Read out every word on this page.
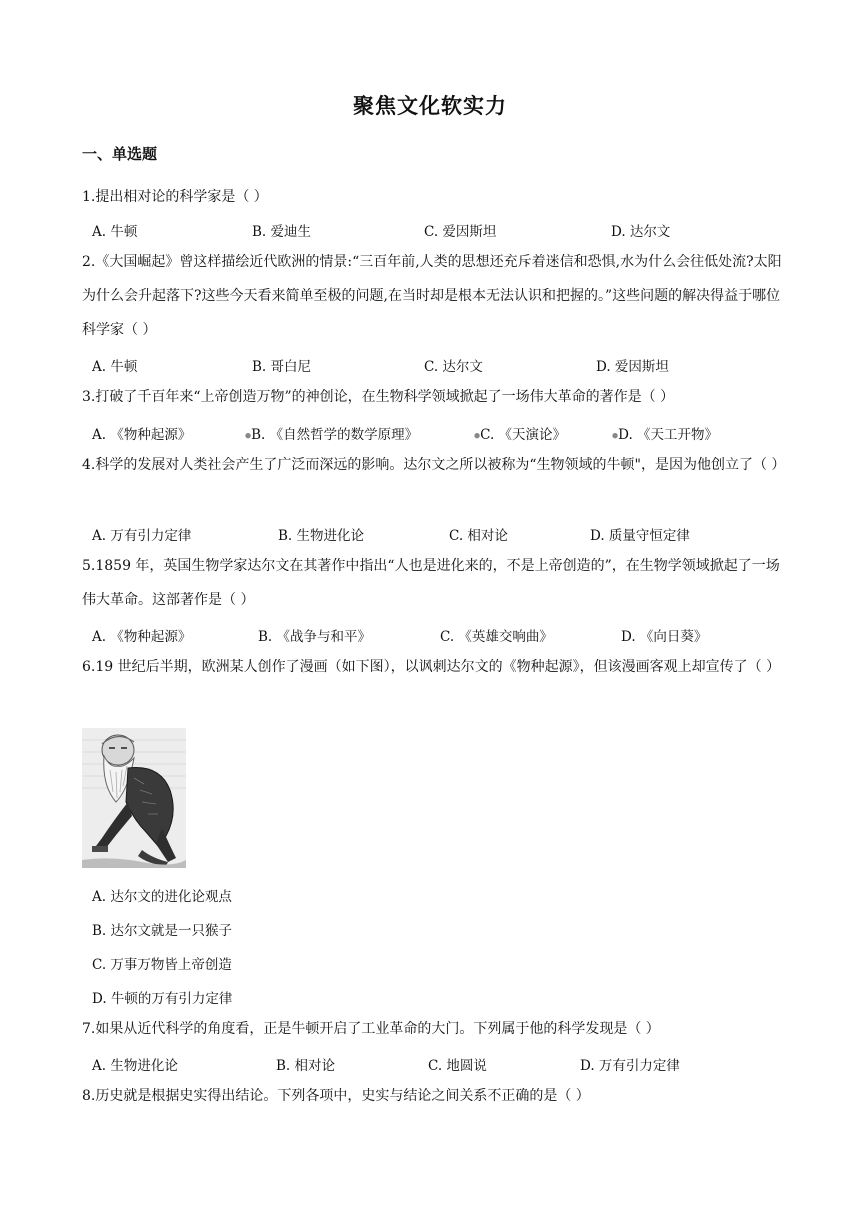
聚焦文化软实力
一、单选题
1.提出相对论的科学家是（ ）
A. 牛顿	B. 爱迪生	C. 爱因斯坦	D. 达尔文
2.《大国崛起》曾这样描绘近代欧洲的情景:“三百年前,人类的思想还充斥着迷信和恐惧,水为什么会往低处流?太阳为什么会升起落下?这些今天看来简单至极的问题,在当时却是根本无法认识和把握的。”这些问题的解决得益于哪位科学家（ ）
A. 牛顿	B. 哥白尼	C. 达尔文	D. 爱因斯坦
3.打破了千百年来“上帝创造万物”的神创论，在生物科学领域掀起了一场伟大革命的著作是（ ）
A. 《物种起源》	●B. 《自然哲学的数学原理》	●C. 《天演论》	●D. 《天工开物》
4.科学的发展对人类社会产生了广泛而深远的影响。达尔文之所以被称为“生物领域的牛顿"，是因为他创立了（ ）
A. 万有引力定律	B. 生物进化论	C. 相对论	D. 质量守恒定律
5.1859 年，英国生物学家达尔文在其著作中指出“人也是进化来的，不是上帝创造的”，在生物学领域掀起了一场伟大革命。这部著作是（ ）
A. 《物种起源》	B. 《战争与和平》	C. 《英雄交响曲》	D. 《向日葵》
6.19 世纪后半期，欧洲某人创作了漫画（如下图），以讽刺达尔文的《物种起源》，但该漫画客观上却宣传了（ ）
A. 达尔文的进化论观点
B. 达尔文就是一只猴子
C. 万事万物皆上帝创造
D. 牛顿的万有引力定律
7.如果从近代科学的角度看，正是牛顿开启了工业革命的大门。下列属于他的科学发现是（ ）
A. 生物进化论	B. 相对论	C. 地圆说	D. 万有引力定律
8.历史就是根据史实得出结论。下列各项中，史实与结论之间关系不正确的是（ ）
